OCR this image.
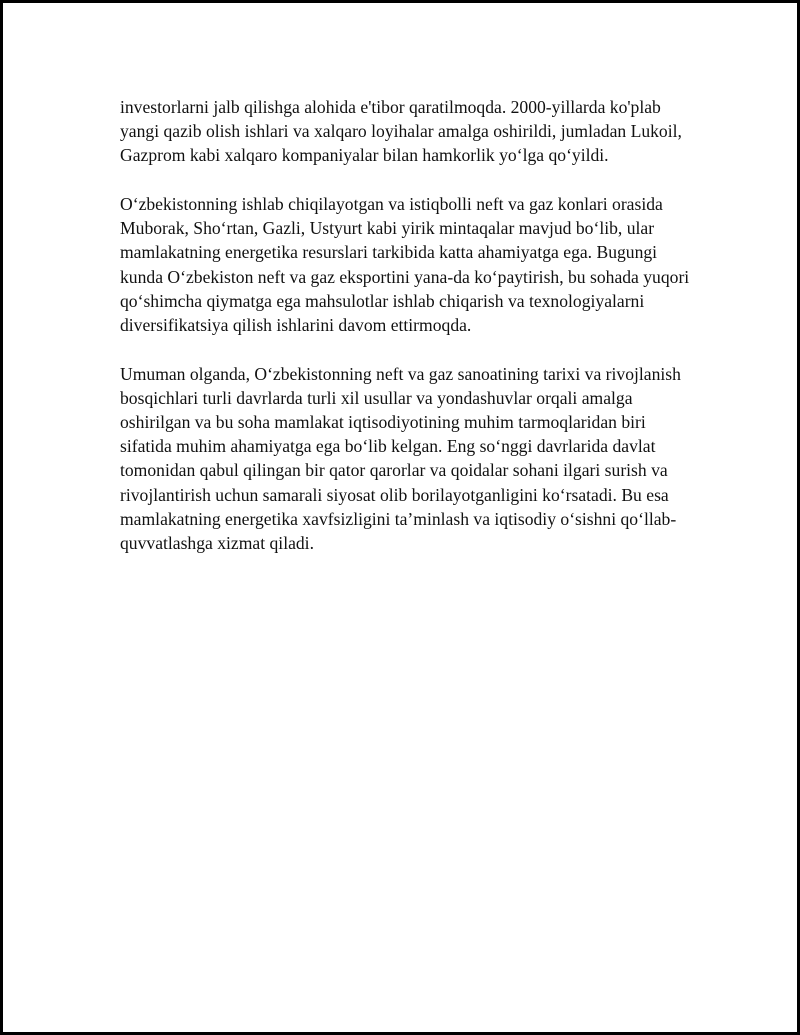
investorlarni jalb qilishga alohida e'tibor qaratilmoqda. 2000-yillarda ko'plab yangi qazib olish ishlari va xalqaro loyihalar amalga oshirildi, jumladan Lukoil, Gazprom kabi xalqaro kompaniyalar bilan hamkorlik yo‘lga qo‘yildi.

O‘zbekistonning ishlab chiqilayotgan va istiqbolli neft va gaz konlari orasida Muborak, Sho‘rtan, Gazli, Ustyurt kabi yirik mintaqalar mavjud bo‘lib, ular mamlakatning energetika resurslari tarkibida katta ahamiyatga ega. Bugungi kunda O‘zbekiston neft va gaz eksportini yana-da ko‘paytirish, bu sohada yuqori qo‘shimcha qiymatga ega mahsulotlar ishlab chiqarish va texnologiyalarni diversifikatsiya qilish ishlarini davom ettirmoqda.

Umuman olganda, O‘zbekistonning neft va gaz sanoatining tarixi va rivojlanish bosqichlari turli davrlarda turli xil usullar va yondashuvlar orqali amalga oshirilgan va bu soha mamlakat iqtisodiyotining muhim tarmoqlaridan biri sifatida muhim ahamiyatga ega bo‘lib kelgan. Eng so‘nggi davrlarida davlat tomonidan qabul qilingan bir qator qarorlar va qoidalar sohani ilgari surish va rivojlantirish uchun samarali siyosat olib borilayotganligini ko‘rsatadi. Bu esa mamlakatning energetika xavfsizligini ta’minlash va iqtisodiy o‘sishni qo‘llab-quvvatlashga xizmat qiladi.
